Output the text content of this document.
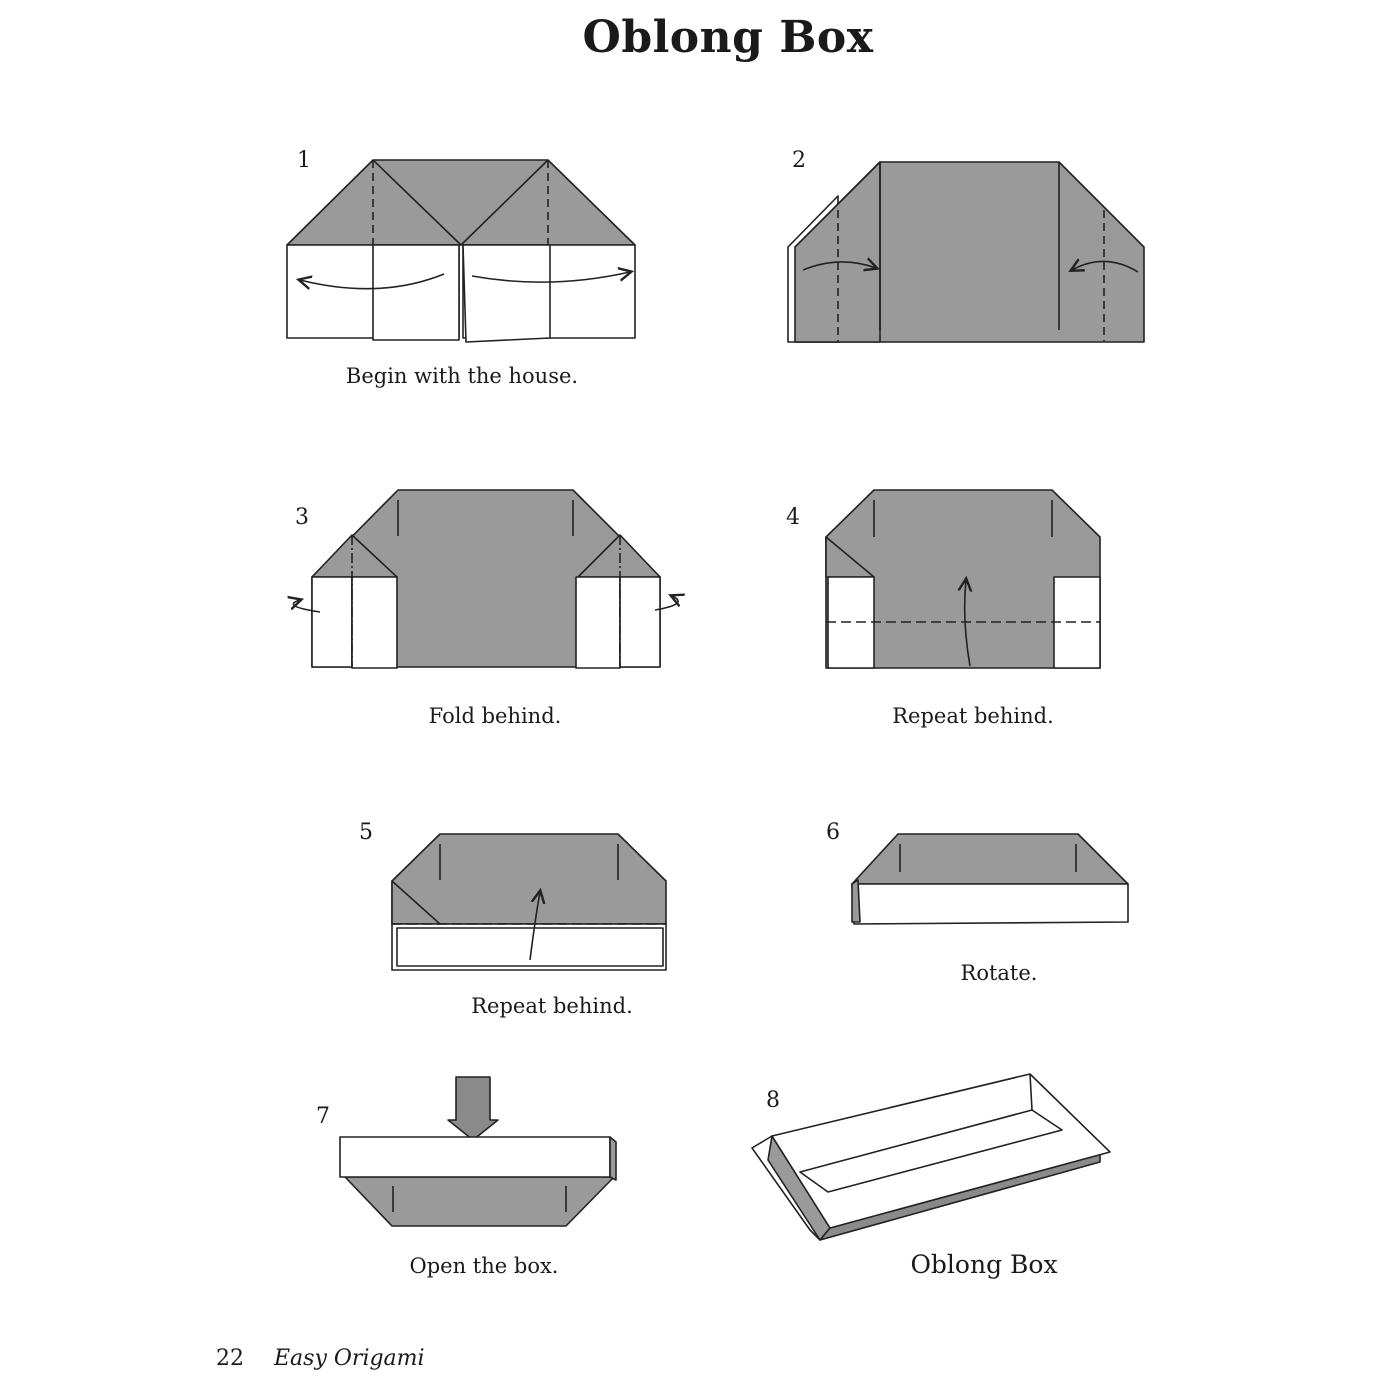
Oblong Box
1	2
3	4
5	6
7
8
Begin with the house.
Fold behind.	Repeat behind.
Repeat behind.
Rotate.
Open the box.	Oblong Box
22 Easy Origami
